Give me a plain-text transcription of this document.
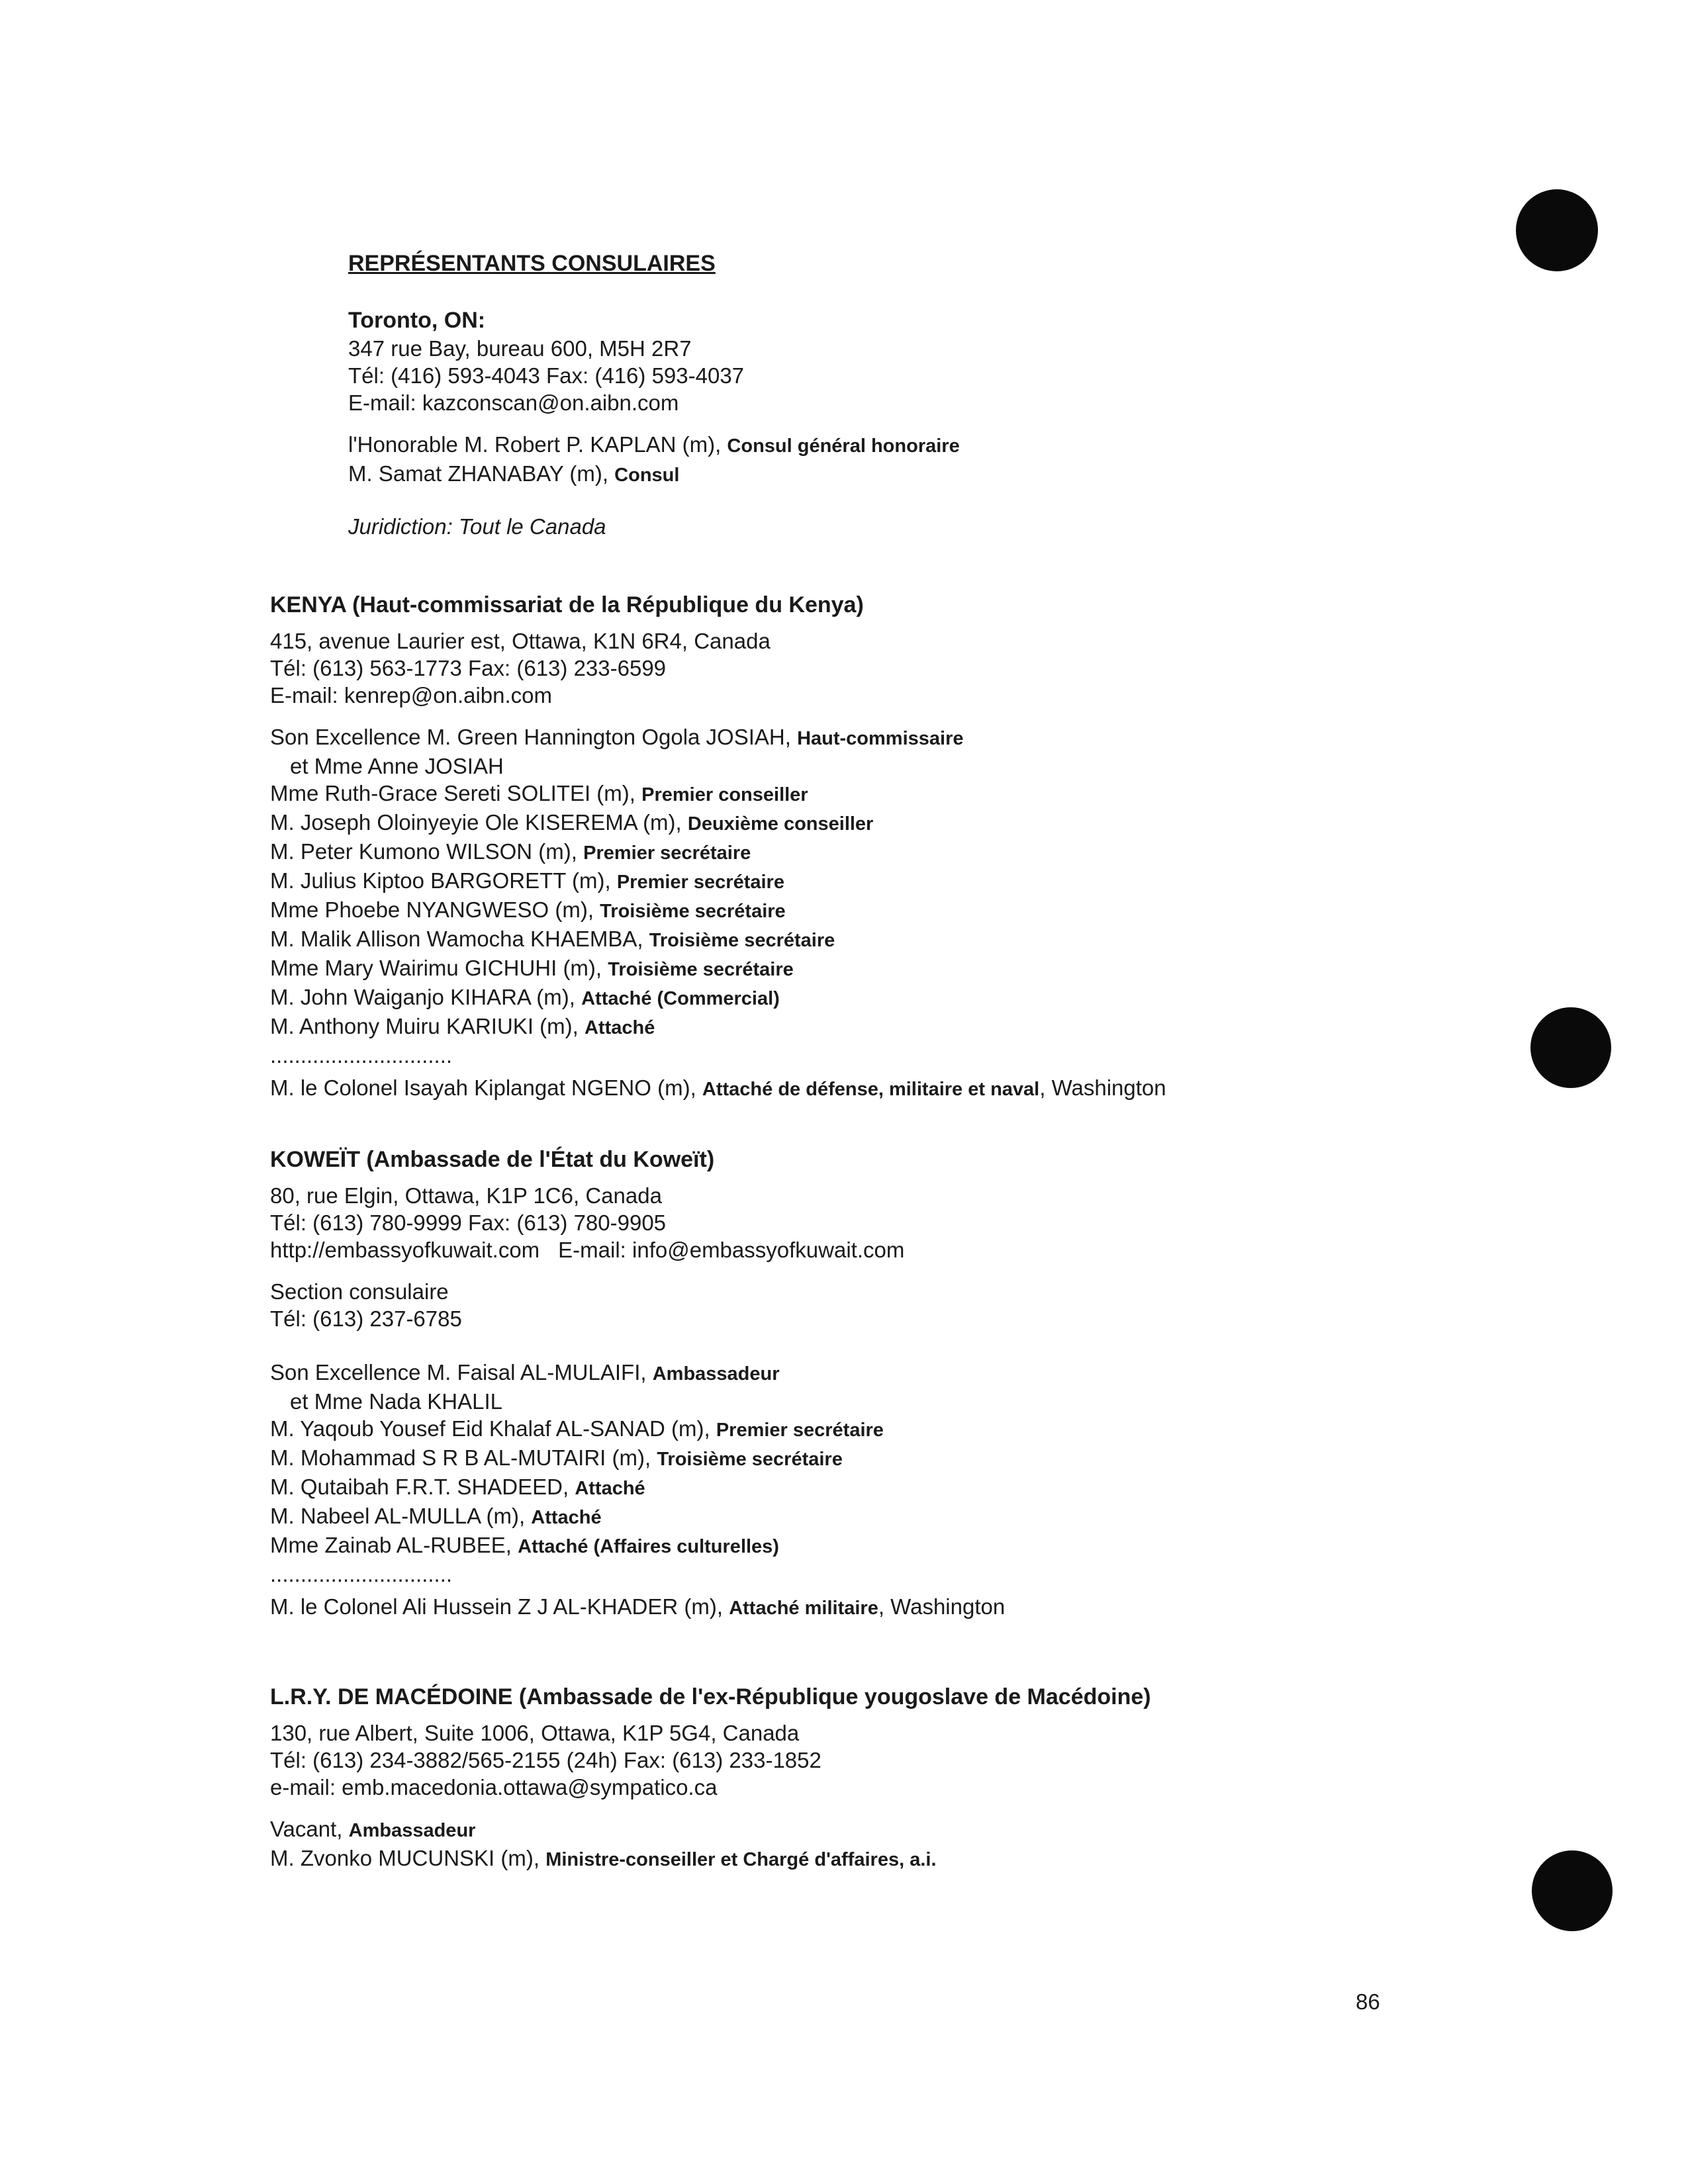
REPRÉSENTANTS CONSULAIRES
Toronto, ON:
347 rue Bay, bureau 600, M5H 2R7
Tél: (416) 593-4043 Fax: (416) 593-4037
E-mail: kazconscan@on.aibn.com
l'Honorable M. Robert P. KAPLAN (m), Consul général honoraire
M. Samat ZHANABAY (m), Consul
Juridiction: Tout le Canada
KENYA (Haut-commissariat de la République du Kenya)
415, avenue Laurier est, Ottawa, K1N 6R4, Canada
Tél: (613) 563-1773 Fax: (613) 233-6599
E-mail: kenrep@on.aibn.com
Son Excellence M. Green Hannington Ogola JOSIAH, Haut-commissaire
et Mme Anne JOSIAH
Mme Ruth-Grace Sereti SOLITEI (m), Premier conseiller
M. Joseph Oloinyeyie Ole KISEREMA (m), Deuxième conseiller
M. Peter Kumono WILSON (m), Premier secrétaire
M. Julius Kiptoo BARGORETT (m), Premier secrétaire
Mme Phoebe NYANGWESO (m), Troisième secrétaire
M. Malik Allison Wamocha KHAEMBA, Troisième secrétaire
Mme Mary Wairimu GICHUHI (m), Troisième secrétaire
M. John Waiganjo KIHARA (m), Attaché (Commercial)
M. Anthony Muiru KARIUKI (m), Attaché
..............................
M. le Colonel Isayah Kiplangat NGENO (m), Attaché de défense, militaire et naval, Washington
KOWEÏT (Ambassade de l'État du Koweït)
80, rue Elgin, Ottawa, K1P 1C6, Canada
Tél: (613) 780-9999 Fax: (613) 780-9905
http://embassyofkuwait.com E-mail: info@embassyofkuwait.com
Section consulaire
Tél: (613) 237-6785
Son Excellence M. Faisal AL-MULAIFI, Ambassadeur
et Mme Nada KHALIL
M. Yaqoub Yousef Eid Khalaf AL-SANAD (m), Premier secrétaire
M. Mohammad S R B AL-MUTAIRI (m), Troisième secrétaire
M. Qutaibah F.R.T. SHADEED, Attaché
M. Nabeel AL-MULLA (m), Attaché
Mme Zainab AL-RUBEE, Attaché (Affaires culturelles)
..............................
M. le Colonel Ali Hussein Z J AL-KHADER (m), Attaché militaire, Washington
L.R.Y. DE MACÉDOINE (Ambassade de l'ex-République yougoslave de Macédoine)
130, rue Albert, Suite 1006, Ottawa, K1P 5G4, Canada
Tél: (613) 234-3882/565-2155 (24h) Fax: (613) 233-1852
e-mail: emb.macedonia.ottawa@sympatico.ca
Vacant, Ambassadeur
M. Zvonko MUCUNSKI (m), Ministre-conseiller et Chargé d'affaires, a.i.
86
